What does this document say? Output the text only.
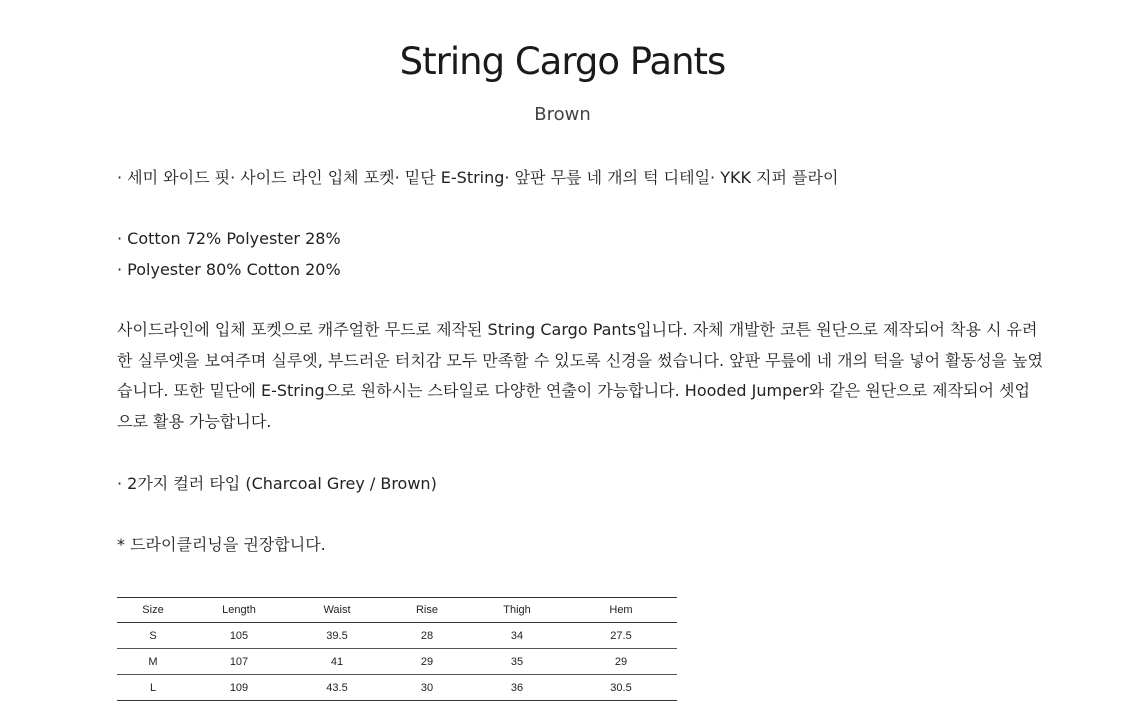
String Cargo Pants
Brown
· 세미 와이드 핏· 사이드 라인 입체 포켓· 밑단 E-String· 앞판 무릎 네 개의 턱 디테일· YKK 지퍼 플라이
· Cotton 72% Polyester 28%
· Polyester 80% Cotton 20%
사이드라인에 입체 포켓으로 캐주얼한 무드로 제작된 String Cargo Pants입니다. 자체 개발한 코튼 원단으로 제작되어 착용 시 유려
한 실루엣을 보여주며 실루엣, 부드러운 터치감 모두 만족할 수 있도록 신경을 썼습니다. 앞판 무릎에 네 개의 턱을 넣어 활동성을 높였
습니다. 또한 밑단에 E-String으로 원하시는 스타일로 다양한 연출이 가능합니다. Hooded Jumper와 같은 원단으로 제작되어 셋업
으로 활용 가능합니다.
· 2가지 컬러 타입 (Charcoal Grey / Brown)
* 드라이클리닝을 권장합니다.
Size	Length	Waist	Rise	Thigh	Hem
S	105	39.5	28	34	27.5
M	107	41	29	35	29
L	109	43.5	30	36	30.5
